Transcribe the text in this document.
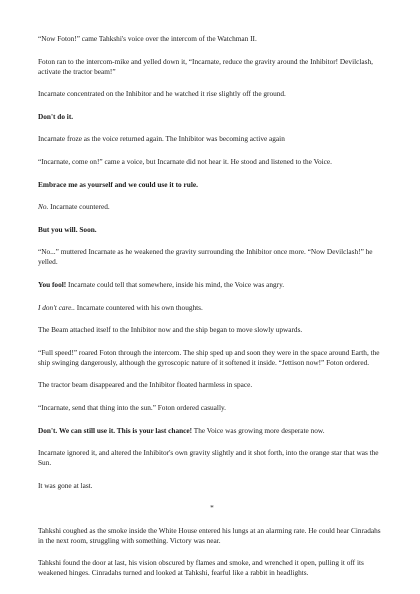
“Now Foton!” came Tahkshi's voice over the intercom of the Watchman II.

Foton ran to the intercom-mike and yelled down it, “Incarnate, reduce the gravity around the Inhibitor! Devilclash, activate the tractor beam!”

Incarnate concentrated on the Inhibitor and he watched it rise slightly off the ground.

Don't do it.

Incarnate froze as the voice returned again. The Inhibitor was becoming active again

“Incarnate, come on!” came a voice, but Incarnate did not hear it. He stood and listened to the Voice.

Embrace me as yourself and we could use it to rule.

No. Incarnate countered.

But you will. Soon.

“No...” muttered Incarnate as he weakened the gravity surrounding the Inhibitor once more. “Now Devilclash!” he yelled.

You fool! Incarnate could tell that somewhere, inside his mind, the Voice was angry.

I don't care.. Incarnate countered with his own thoughts.

The Beam attached itself to the Inhibitor now and the ship began to move slowly upwards.

“Full speed!” roared Foton through the intercom. The ship sped up and soon they were in the space around Earth, the ship swinging dangerously, although the gyroscopic nature of it softened it inside. “Jettison now!” Foton ordered.

The tractor beam disappeared and the Inhibitor floated harmless in space.

“Incarnate, send that thing into the sun.” Foton ordered casually.

Don't. We can still use it. This is your last chance! The Voice was growing more desperate now.

Incarnate ignored it, and altered the Inhibitor's own gravity slightly and it shot forth, into the orange star that was the Sun.

It was gone at last.

*

Tahkshi coughed as the smoke inside the White House entered his lungs at an alarming rate. He could hear Cinradahs in the next room, struggling with something. Victory was near.

Tahkshi found the door at last, his vision obscured by flames and smoke, and wrenched it open, pulling it off its weakened hinges. Cinradahs turned and looked at Tahkshi, fearful like a rabbit in headlights.
